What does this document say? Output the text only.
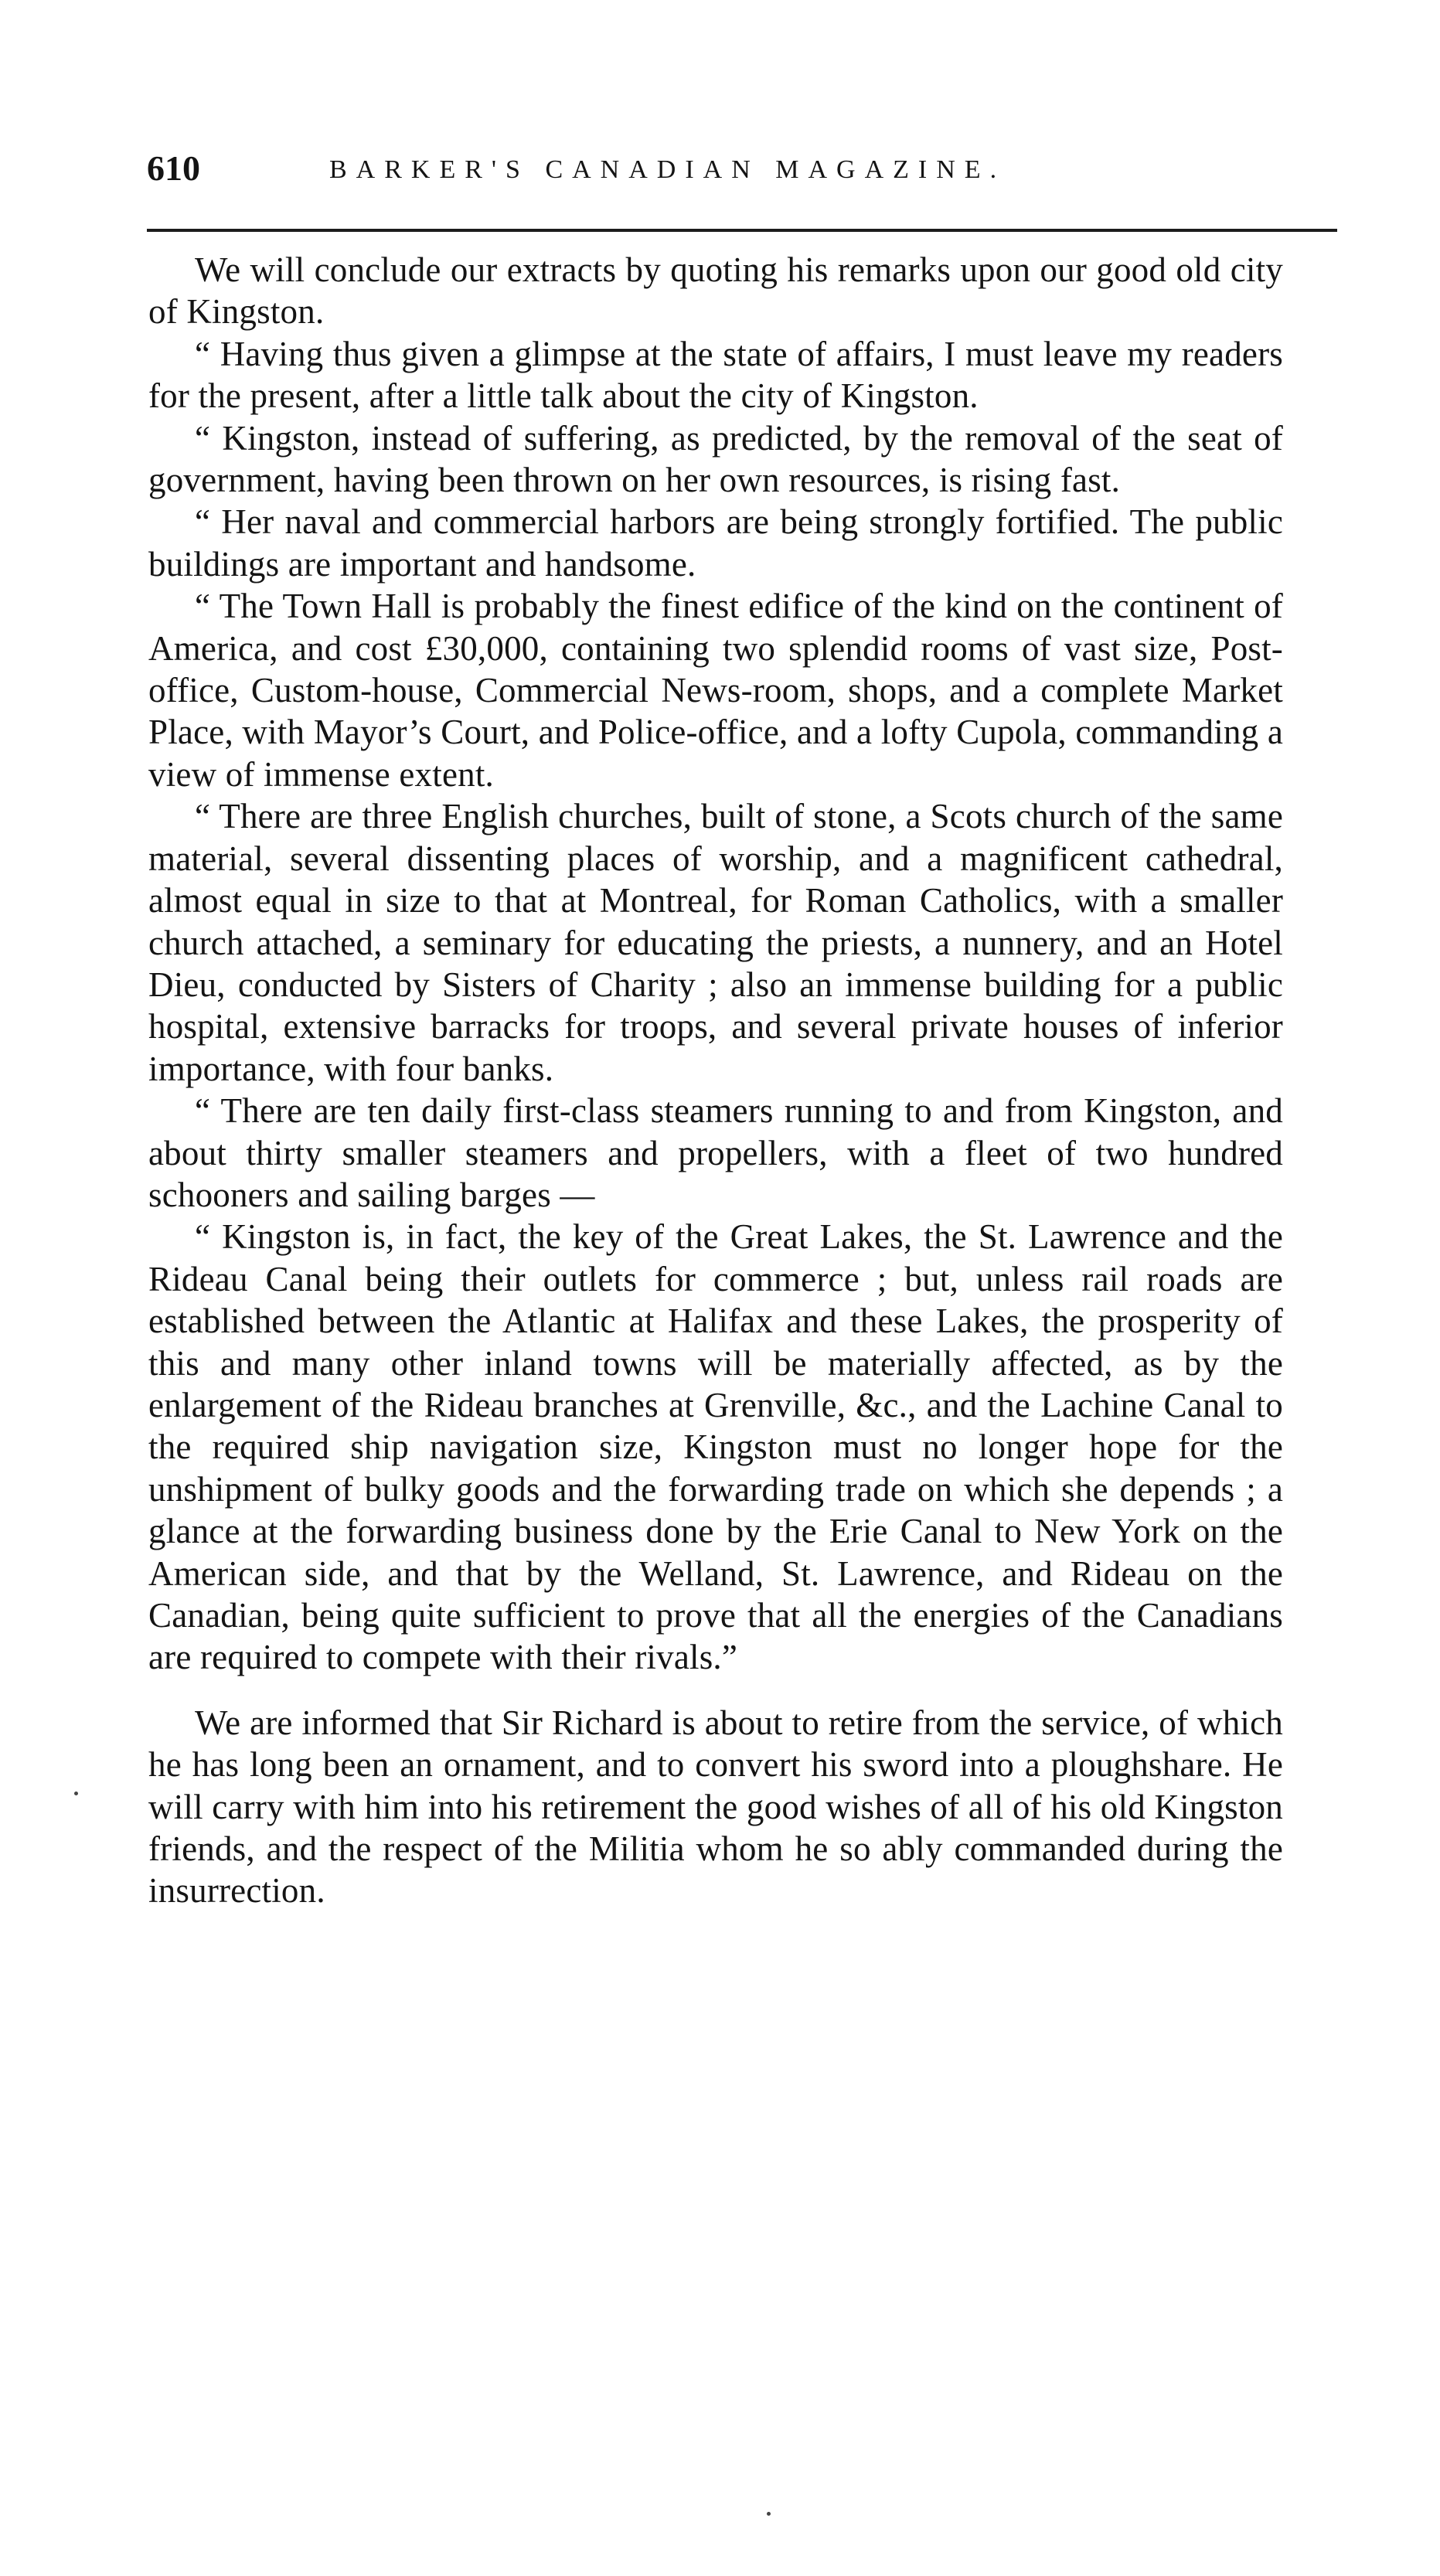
610	BARKER'S CANADIAN MAGAZINE.

We will conclude our extracts by quoting his remarks upon our good old city of Kingston.

“ Having thus given a glimpse at the state of affairs, I must leave my readers for the present, after a little talk about the city of Kingston.

“ Kingston, instead of suffering, as predicted, by the removal of the seat of government, having been thrown on her own resources, is rising fast.

“ Her naval and commercial harbors are being strongly fortified. The public buildings are important and handsome.

“ The Town Hall is probably the finest edifice of the kind on the continent of America, and cost £30,000, containing two splendid rooms of vast size, Post-office, Custom-house, Commercial News-room, shops, and a complete Market Place, with Mayor’s Court, and Police-office, and a lofty Cupola, commanding a view of immense extent.

“ There are three English churches, built of stone, a Scots church of the same material, several dissenting places of worship, and a magnificent cathedral, almost equal in size to that at Montreal, for Roman Catholics, with a smaller church attached, a seminary for educating the priests, a nunnery, and an Hotel Dieu, conducted by Sisters of Charity ; also an immense building for a public hospital, extensive barracks for troops, and several private houses of inferior importance, with four banks.

“ There are ten daily first-class steamers running to and from Kingston, and about thirty smaller steamers and propellers, with a fleet of two hundred schooners and sailing barges —

“ Kingston is, in fact, the key of the Great Lakes, the St. Lawrence and the Rideau Canal being their outlets for commerce ; but, unless rail roads are established between the Atlantic at Halifax and these Lakes, the prosperity of this and many other inland towns will be materially affected, as by the enlargement of the Rideau branches at Grenville, &c., and the Lachine Canal to the required ship navigation size, Kingston must no longer hope for the unshipment of bulky goods and the forwarding trade on which she depends ; a glance at the forwarding business done by the Erie Canal to New York on the American side, and that by the Welland, St. Lawrence, and Rideau on the Canadian, being quite sufficient to prove that all the energies of the Canadians are required to compete with their rivals.”

We are informed that Sir Richard is about to retire from the service, of which he has long been an ornament, and to convert his sword into a ploughshare. He will carry with him into his retirement the good wishes of all of his old Kingston friends, and the respect of the Militia whom he so ably commanded during the insurrection.
